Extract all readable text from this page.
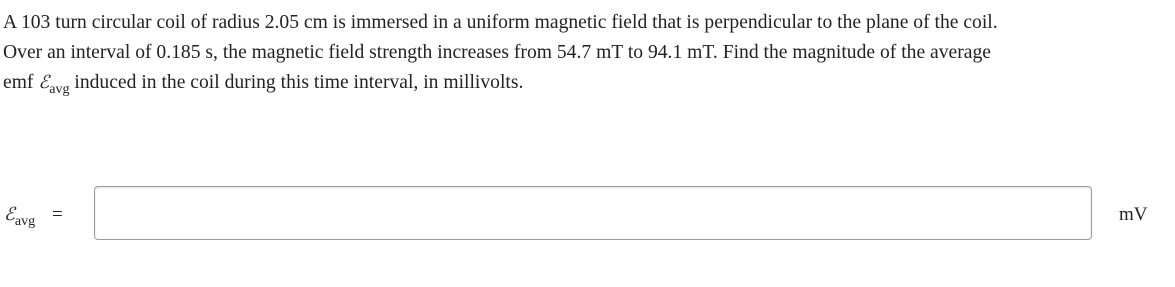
A 103 turn circular coil of radius 2.05 cm is immersed in a uniform magnetic field that is perpendicular to the plane of the coil.
Over an interval of 0.185 s, the magnetic field strength increases from 54.7 mT to 94.1 mT. Find the magnitude of the average
emf ℰ$_{avg}$ induced in the coil during this time interval, in millivolts.

ℰ$_{avg}$ =	mV
